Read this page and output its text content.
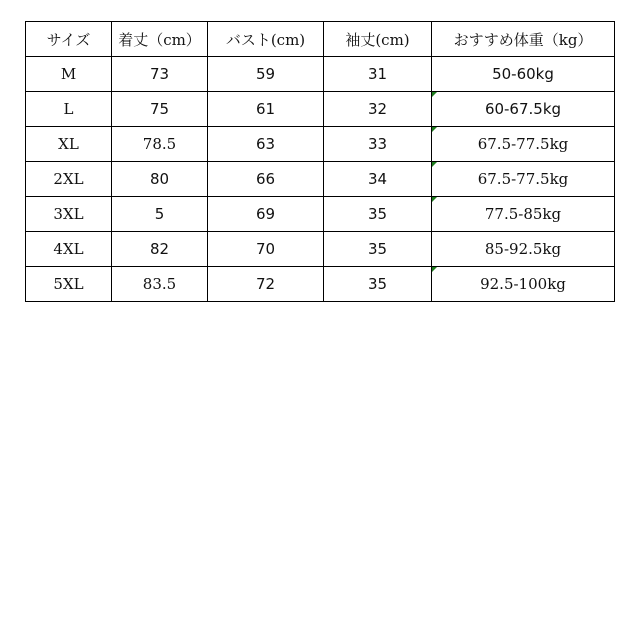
サイズ	着丈（cm）	バスト(cm)	袖丈(cm)	おすすめ体重（kg）
M	73	59	31	50-60kg
L	75	61	32	60-67.5kg
XL	78.5	63	33	67.5-77.5kg
2XL	80	66	34	67.5-77.5kg
3XL	5	69	35	77.5-85kg
4XL	82	70	35	85-92.5kg
5XL	83.5	72	35	92.5-100kg
